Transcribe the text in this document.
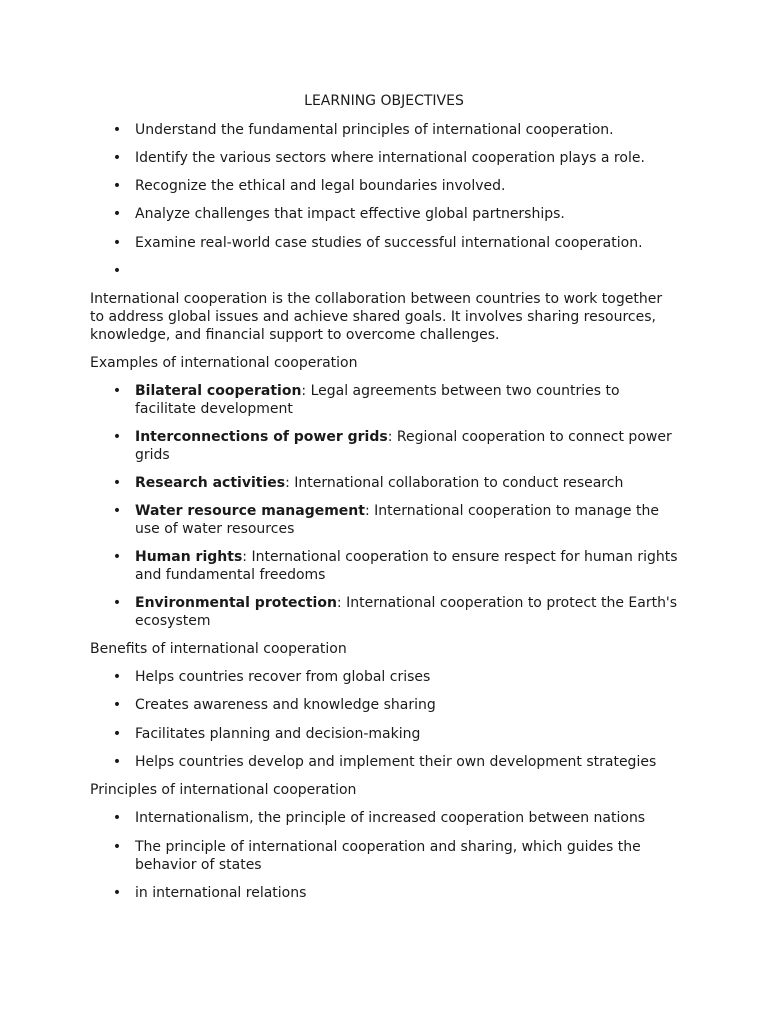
LEARNING OBJECTIVES
• Understand the fundamental principles of international cooperation.
• Identify the various sectors where international cooperation plays a role.
• Recognize the ethical and legal boundaries involved.
• Analyze challenges that impact effective global partnerships.
• Examine real-world case studies of successful international cooperation.
•

International cooperation is the collaboration between countries to work together to address global issues and achieve shared goals. It involves sharing resources, knowledge, and financial support to overcome challenges.

Examples of international cooperation

• Bilateral cooperation: Legal agreements between two countries to facilitate development
• Interconnections of power grids: Regional cooperation to connect power grids
• Research activities: International collaboration to conduct research
• Water resource management: International cooperation to manage the use of water resources
• Human rights: International cooperation to ensure respect for human rights and fundamental freedoms
• Environmental protection: International cooperation to protect the Earth's ecosystem

Benefits of international cooperation

• Helps countries recover from global crises
• Creates awareness and knowledge sharing
• Facilitates planning and decision-making
• Helps countries develop and implement their own development strategies

Principles of international cooperation

• Internationalism, the principle of increased cooperation between nations
• The principle of international cooperation and sharing, which guides the behavior of states
• in international relations
